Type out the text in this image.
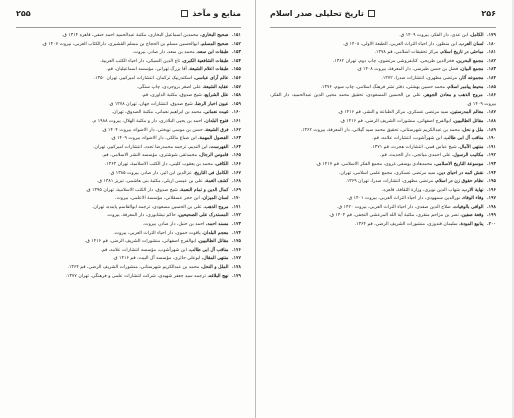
۲۵۵	منابع و مآخذ
۱۵۱. صحیح البخاری، محمدبن اسماعیل البخاری، مکتبة عبدالحمید احمد حنفی، قاهره ۱۳۱۴ ق.
۱۵۲. صحیح المسلم، ابوالحسین مسلم بن الحجاج بن مسلم القشیری، دارالکتاب العربی، بیروت ۱۴۰۷ ق.
۱۵۳. طبقات ابن سعد، محمد بن سعد، دار صادر، بیروت.
۱۵۴. طبقات الشافعیة الکبری، تاج الدین السبکی، دار احیاء الکتب العربیة.
۱۵۵. طبقات اعلام الشیعة، آقا بزرگ تهرانی، مؤسسه اسماعیلیان، قم.
۱۵۶. عالم آرای عباسی، اسکندربیک ترکمان، انتشارات امیرکبیر، تهران ۱۳۵۰.
۱۵۷. عقاید الشیعة، علی اصغر بروجردی، چاپ سنگی.
۱۵۸. علل الشرایع، شیخ صدوق، مکتبة الداوری، قم.
۱۵۹. عیون اخبار الرضا، شیخ صدوق، انتشارات جهان، تهران ۱۳۷۸ ق.
۱۶۰. غیبت نعمانی، محمد بن ابراهیم نعمانی، مکتبة الصدوق، تهران.
۱۶۱. فتوح البلدان، احمد بن یحیی البلاذری، دار و مکتبة الهلال، بیروت ۱۹۸۸ م.
۱۶۲. فرق الشیعة، حسن بن موسی نوبختی، دار الاضواء، بیروت ۱۴۰۴ ق.
۱۶۳. الفصول المهمة، ابن صباغ مالکی، دار الاضواء، بیروت ۱۴۰۹ ق.
۱۶۴. الفهرست، ابن الندیم، ترجمه محمدرضا تجدد، انتشارات امیرکبیر، تهران.
۱۶۵. قاموس الرجال، محمدتقی شوشتری، مؤسسه النشر الاسلامی، قم.
۱۶۶. الکافی، محمد بن یعقوب کلینی، دار الکتب الاسلامیة، تهران ۱۳۶۳.
۱۶۷. الکامل فی التاریخ، عزالدین ابن اثیر، دار صادر، بیروت ۱۳۸۵ ق.
۱۶۸. کشف الغمة، علی بن عیسی اربلی، مکتبة بنی هاشمی، تبریز ۱۳۸۱ ق.
۱۶۹. کمال الدین و تمام النعمة، شیخ صدوق، دار الکتب الاسلامیة، تهران ۱۳۹۵ ق.
۱۷۰. لسان المیزان، ابن حجر عسقلانی، مؤسسة الاعلمی، بیروت.
۱۷۱. مروج الذهب، علی بن الحسین مسعودی، ترجمه ابوالقاسم پاینده، تهران.
۱۷۲. المستدرک علی الصحیحین، حاکم نیشابوری، دار المعرفة، بیروت.
۱۷۳. مسند احمد، احمد بن حنبل، دار صادر، بیروت.
۱۷۴. معجم البلدان، یاقوت حموی، دار احیاء التراث العربی، بیروت.
۱۷۵. مقاتل الطالبیین، ابوالفرج اصفهانی، منشورات الشریف الرضی، قم ۱۴۱۶ ق.
۱۷۶. مناقب آل ابی طالب، ابن شهرآشوب، مؤسسه انتشارات علامه، قم.
۱۷۷. منتهی المقال، ابوعلی حائری، مؤسسه آل البیت، قم ۱۴۱۶ ق.
۱۷۸. الملل و النحل، محمد بن عبدالکریم شهرستانی، منشورات الشریف الرضی، قم ۱۳۶۴.
۱۷۹. نهج البلاغه، ترجمه سید جعفر شهیدی، شرکت انتشارات علمی و فرهنگی، تهران ۱۳۷۷.
تاریخ تحلیلی صدر اسلام	۲۵۶
۱۷۹. الکامل، ابن عدی، دار الفکر، بیروت ۱۴۰۹ ق.
۱۸۰. لسان العرب، ابن منظور، دار احیاء التراث العربی، الطبعة الاولی، ۱۴۰۸ ق.
۱۸۱. مباحثی در تاریخ اسلام، مرکز تحقیقات اسلامی، قم ۱۳۷۸.
۱۸۲. مجمع البحرین، فخرالدین طریحی، کتابفروشی مرتضوی، چاپ دوم، تهران ۱۳۶۲.
۱۸۳. مجمع البیان، فضل بن حسن طبرسی، دار المعرفة، بیروت ۱۴۰۸ ق.
۱۸۴. مجموعه آثار، مرتضی مطهری، انتشارات صدرا، ۱۳۷۲.
۱۸۵. محیط پیامبر اسلام، محمد حسین بهشتی، دفتر نشر فرهنگ اسلامی، چاپ سوم، ۱۳۷۶.
۱۸۶. مروج الذهب و معادن الجوهر، علی بن الحسین المسعودی، تحقیق محمد محیی الدین عبدالحمید، دار الفکر، بیروت ۱۴۰۹ ق.
۱۸۷. معالم المدرستین، سید مرتضی عسکری، مرکز الطباعة و النشر، قم ۱۴۱۶ ق.
۱۸۸. مقاتل الطالبیین، ابوالفرج اصفهانی، منشورات الشریف الرضی، قم ۱۴۱۶ ق.
۱۸۹. ملل و نحل، محمد بن عبدالکریم شهرستانی، تحقیق محمد سید گیلانی، دار المعرفة، بیروت ۱۳۶۲.
۱۹۰. مناقب آل ابی طالب، ابن شهرآشوب، انتشارات علامه، قم.
۱۹۱. منتهی الآمال، شیخ عباس قمی، انتشارات هجرت، قم ۱۳۷۱.
۱۹۲. مکاتیب الرسول، علی احمدی میانجی، دار الحدیث، قم.
۱۹۳. موسوعة التاریخ الاسلامی، محمدهادی یوسفی غروی، مجمع الفکر الاسلامی، قم ۱۴۱۷ ق.
۱۹۴. نقش ائمه در احیای دین، سید مرتضی عسکری، مجمع علمی اسلامی، تهران.
۱۹۵. نظام حقوق زن در اسلام، مرتضی مطهری، انتشارات صدرا، تهران ۱۳۶۹.
۱۹۶. نهایة الارب، شهاب الدین نویری، وزارة الثقافة، قاهره.
۱۹۷. وفاء الوفاء، نورالدین سمهودی، دار احیاء التراث العربی، بیروت ۱۴۰۱ ق.
۱۹۸. الوافی بالوفیات، صلاح الدین صفدی، دار احیاء التراث العربی، بیروت ۱۴۲۰ ق.
۱۹۹. وقعة صفین، نصر بن مزاحم منقری، مکتبة آیة الله المرعشی النجفی، قم ۱۴۰۴ ق.
۲۰۰. ینابیع المودة، سلیمان قندوزی، منشورات الشریف الرضی، قم ۱۳۶۴.
